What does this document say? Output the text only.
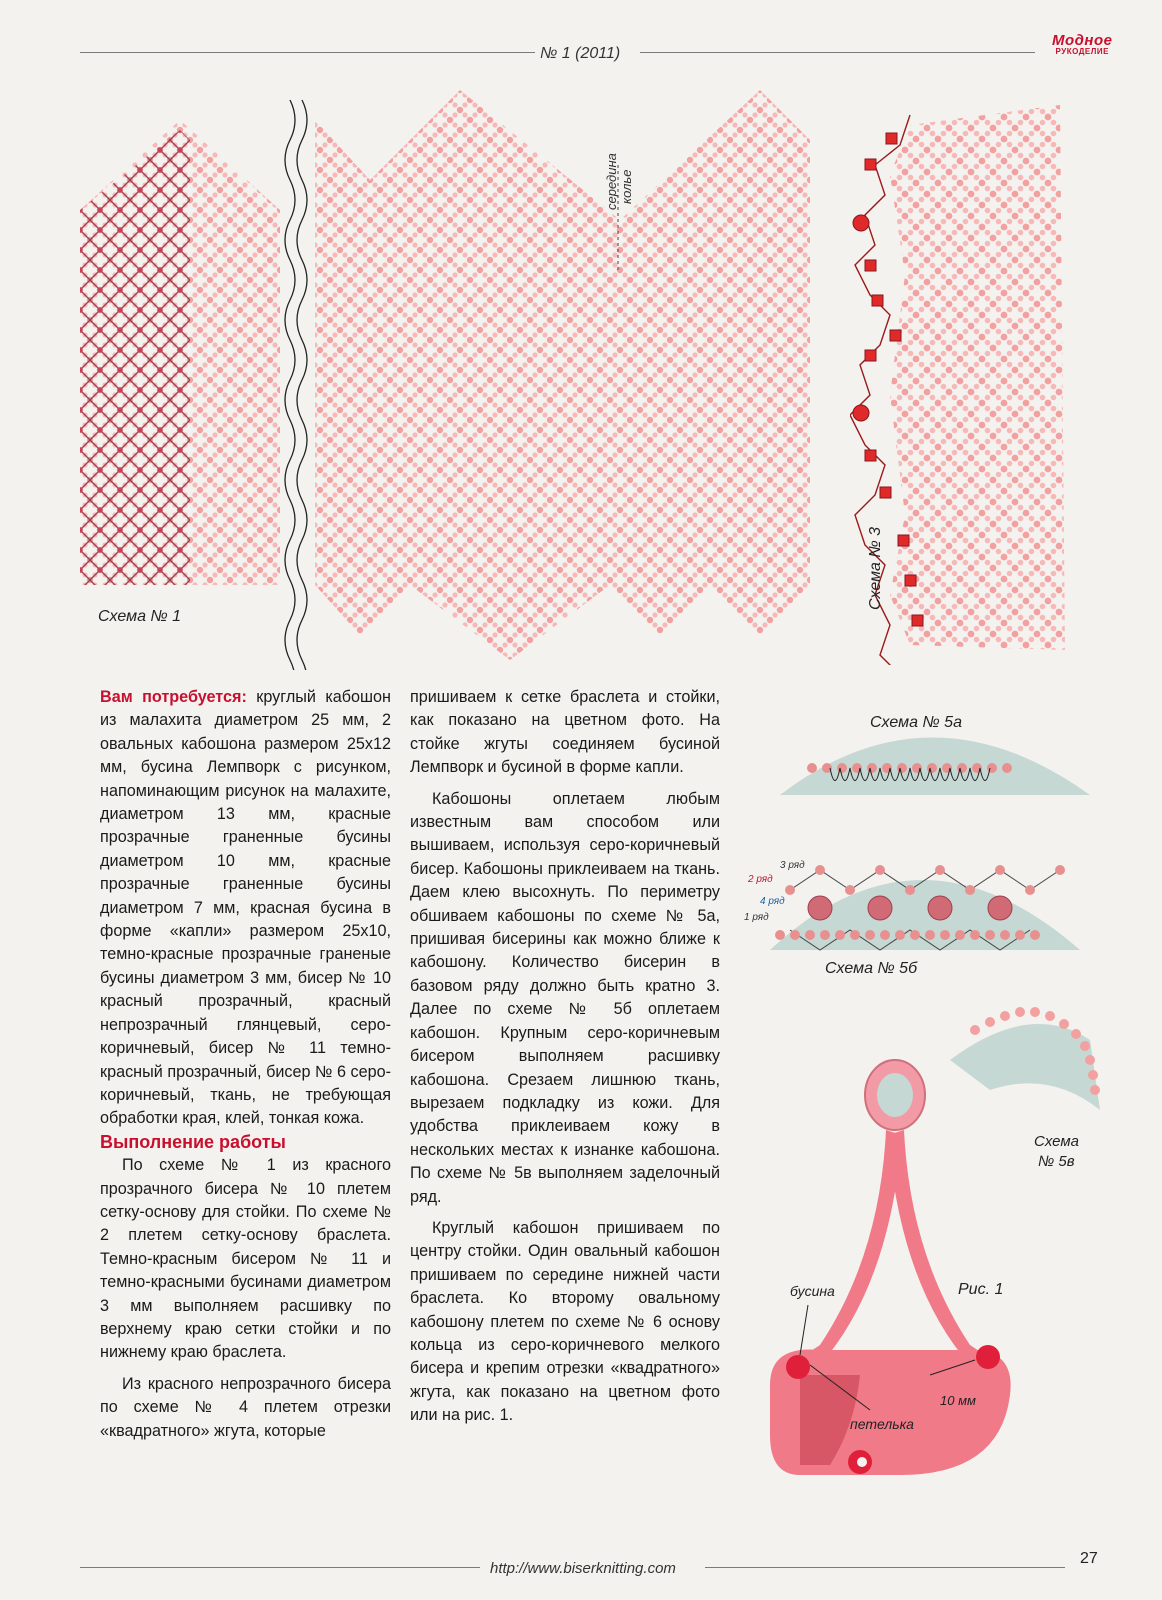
№ 1 (2011)
Модное
РУКОДЕЛИЕ
середина колье
Схема № 1
Схема № 3
Схема № 5а
3 ряд
2 ряд
4 ряд
1 ряд
Схема № 5б
Схема
№ 5в
бусина
10 мм
петелька
Рис. 1

Вам потребуется: круглый кабошон из малахита диаметром 25 мм, 2 овальных кабошона размером 25х12 мм, бусина Лемпворк с рисунком, напоминающим рисунок на малахите, диаметром 13 мм, красные прозрачные граненные бусины диаметром 10 мм, красные прозрачные граненные бусины диаметром 7 мм, красная бусина в форме «капли» размером 25х10, темно-красные прозрачные граненые бусины диаметром 3 мм, бисер № 10 красный прозрачный, красный непрозрачный глянцевый, серо-коричневый, бисер № 11 темно-красный прозрачный, бисер № 6 серо-коричневый, ткань, не требующая обработки края, клей, тонкая кожа.

Выполнение работы

По схеме № 1 из красного прозрачного бисера № 10 плетем сетку-основу для стойки. По схеме № 2 плетем сетку-основу браслета. Темно-красным бисером № 11 и темно-красными бусинами диаметром 3 мм выполняем расшивку по верхнему краю сетки стойки и по нижнему краю браслета.

Из красного непрозрачного бисера по схеме № 4 плетем отрезки «квадратного» жгута, которые

пришиваем к сетке браслета и стойки, как показано на цветном фото. На стойке жгуты соединяем бусиной Лемпворк и бусиной в форме капли.

Кабошоны оплетаем любым известным вам способом или вышиваем, используя серо-коричневый бисер. Кабошоны приклеиваем на ткань. Даем клею высохнуть. По периметру обшиваем кабошоны по схеме № 5а, пришивая бисерины как можно ближе к кабошону. Количество бисерин в базовом ряду должно быть кратно 3. Далее по схеме № 5б оплетаем кабошон. Крупным серо-коричневым бисером выполняем расшивку кабошона. Срезаем лишнюю ткань, вырезаем подкладку из кожи. Для удобства приклеиваем кожу в нескольких местах к изнанке кабошона. По схеме № 5в выполняем заделочный ряд.

Круглый кабошон пришиваем по центру стойки. Один овальный кабошон пришиваем по середине нижней части браслета. Ко второму овальному кабошону плетем по схеме № 6 основу кольца из серо-коричневого мелкого бисера и крепим отрезки «квадратного» жгута, как показано на цветном фото или на рис. 1.

http://www.biserknitting.com
27
